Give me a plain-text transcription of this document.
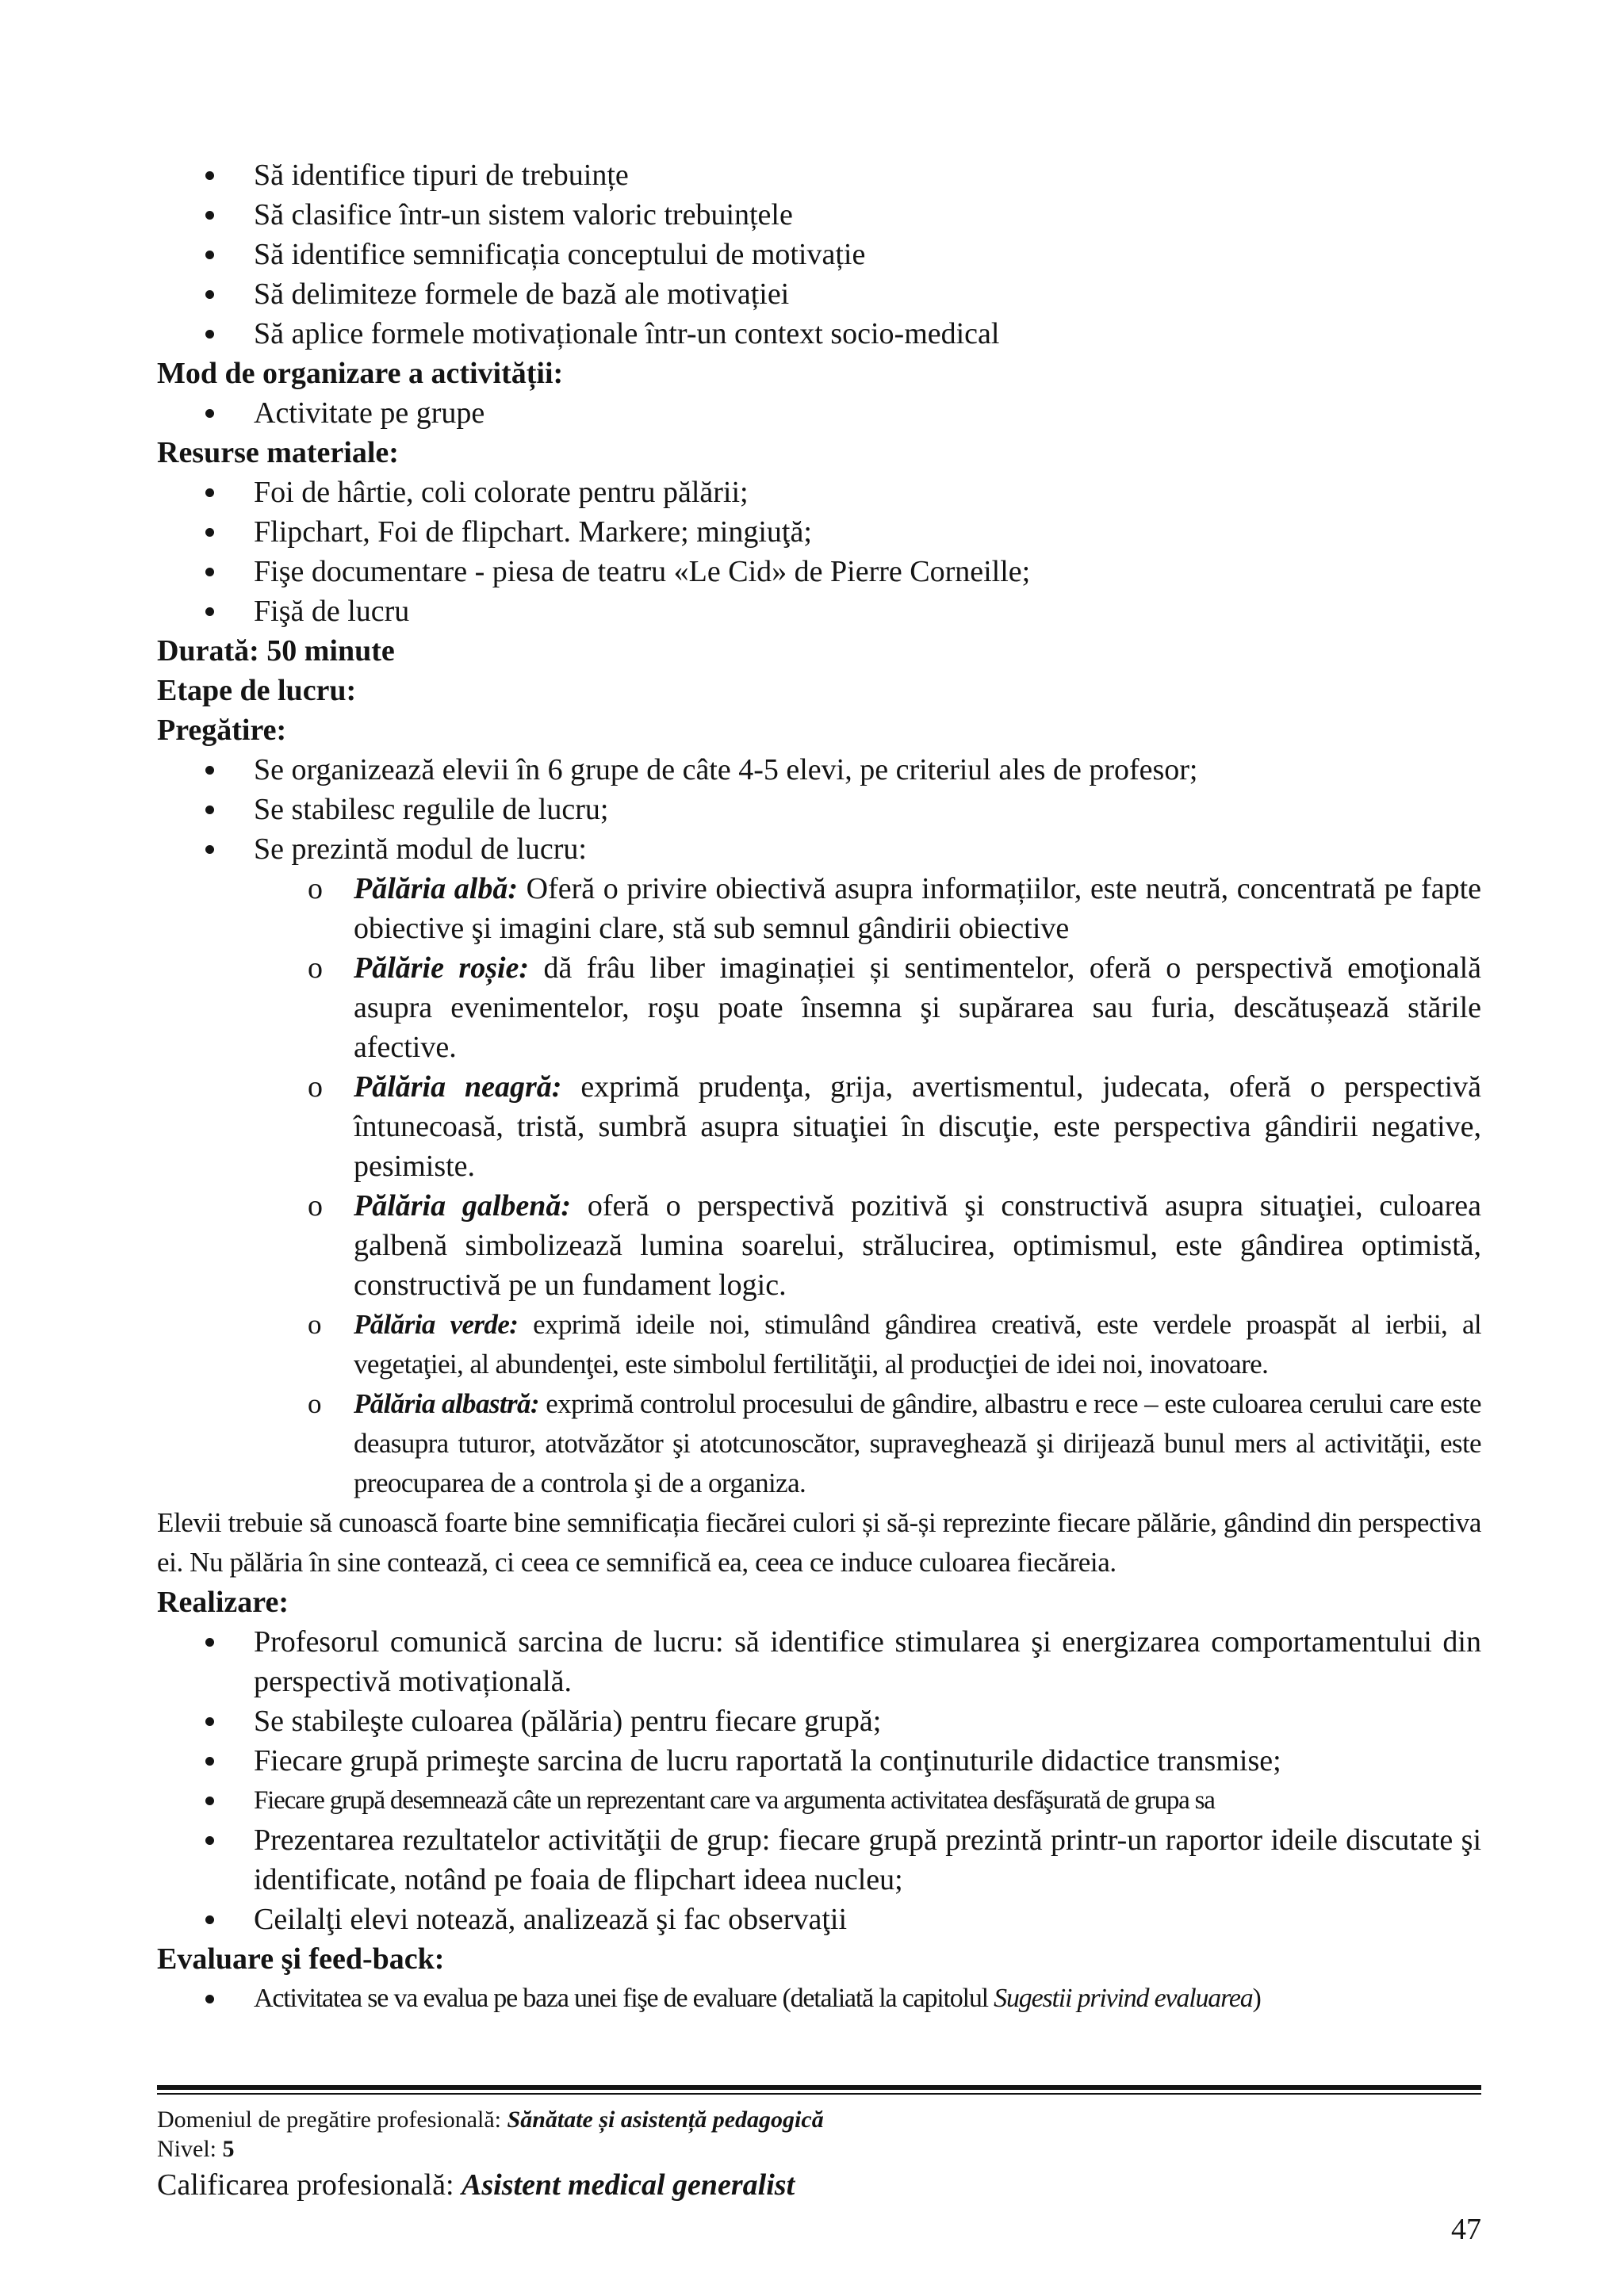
Să identifice tipuri de trebuințe
Să clasifice într-un sistem valoric trebuințele
Să identifice semnificația conceptului de motivație
Să delimiteze formele de bază ale motivației
Să aplice formele motivaționale într-un context socio-medical

Mod de organizare a activității:

Activitate pe grupe

Resurse materiale:

Foi de hârtie, coli colorate pentru pălării;
Flipchart, Foi de flipchart. Markere; mingiuţă;
Fişe documentare - piesa de teatru «Le Cid» de Pierre Corneille;
Fişă de lucru

Durată: 50 minute

Etape de lucru:

Pregătire:

Se organizează elevii în 6 grupe de câte 4-5 elevi, pe criteriul ales de profesor;
Se stabilesc regulile de lucru;
Se prezintă modul de lucru:
o Pălăria albă: Oferă o privire obiectivă asupra informațiilor, este neutră, concentrată pe fapte obiective şi imagini clare, stă sub semnul gândirii obiective
o Pălărie roșie: dă frâu liber imaginației și sentimentelor, oferă o perspectivă emoţională asupra evenimentelor, roşu poate însemna şi supărarea sau furia, descătușează stările afective.
o Pălăria neagră: exprimă prudenţa, grija, avertismentul, judecata, oferă o perspectivă întunecoasă, tristă, sumbră asupra situaţiei în discuţie, este perspectiva gândirii negative, pesimiste.
o Pălăria galbenă: oferă o perspectivă pozitivă şi constructivă asupra situaţiei, culoarea galbenă simbolizează lumina soarelui, strălucirea, optimismul, este gândirea optimistă, constructivă pe un fundament logic.
o Pălăria verde: exprimă ideile noi, stimulând gândirea creativă, este verdele proaspăt al ierbii, al vegetaţiei, al abundenţei, este simbolul fertilităţii, al producţiei de idei noi, inovatoare.
o Pălăria albastră: exprimă controlul procesului de gândire, albastru e rece – este culoarea cerului care este deasupra tuturor, atotvăzător şi atotcunoscător, supraveghează şi dirijează bunul mers al activităţii, este preocuparea de a controla şi de a organiza.

Elevii trebuie să cunoască foarte bine semnificația fiecărei culori și să-și reprezinte fiecare pălărie, gândind din perspectiva ei. Nu pălăria în sine contează, ci ceea ce semnifică ea, ceea ce induce culoarea fiecăreia.

Realizare:

Profesorul comunică sarcina de lucru: să identifice stimularea şi energizarea comportamentului din perspectivă motivațională.
Se stabileşte culoarea (pălăria) pentru fiecare grupă;
Fiecare grupă primeşte sarcina de lucru raportată la conţinuturile didactice transmise;
Fiecare grupă desemnează câte un reprezentant care va argumenta activitatea desfăşurată de grupa sa
Prezentarea rezultatelor activităţii de grup: fiecare grupă prezintă printr-un raportor ideile discutate şi identificate, notând pe foaia de flipchart ideea nucleu;
Ceilalţi elevi notează, analizează şi fac observaţii

Evaluare şi feed-back:

Activitatea se va evalua pe baza unei fişe de evaluare (detaliată la capitolul Sugestii privind evaluarea)
Domeniul de pregătire profesională: Sănătate și asistență pedagogică
Nivel: 5
Calificarea profesională: Asistent medical generalist
47
